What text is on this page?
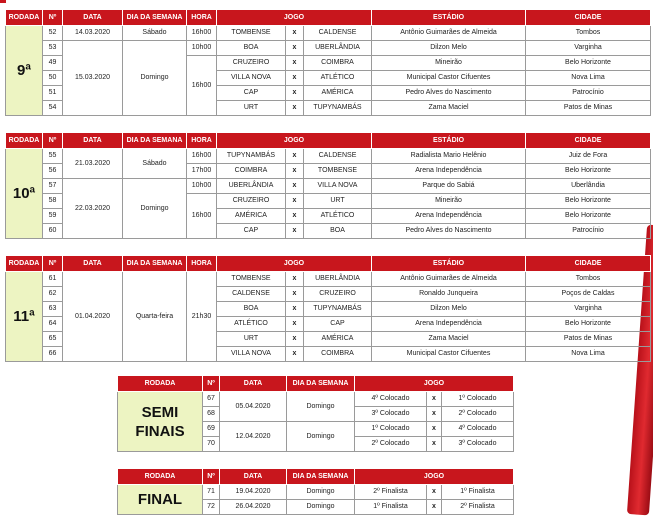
RODADA	Nº	DATA	DIA DA SEMANA	HORA	JOGO			ESTÁDIO	CIDADE
9ª	52	14.03.2020	Sábado	16h00	TOMBENSE	x	CALDENSE	Antônio Guimarães de Almeida	Tombos
	53	15.03.2020	Domingo	10h00	BOA	x	UBERLÂNDIA	Dilzon Melo	Varginha
	49			16h00	CRUZEIRO	x	COIMBRA	Mineirão	Belo Horizonte
	50				VILLA NOVA	x	ATLÉTICO	Municipal Castor Cifuentes	Nova Lima
	51				CAP	x	AMÉRICA	Pedro Alves do Nascimento	Patrocínio
	54				URT	x	TUPYNAMBÁS	Zama Maciel	Patos de Minas
RODADA	Nº	DATA	DIA DA SEMANA	HORA	JOGO			ESTÁDIO	CIDADE
10ª	55	21.03.2020	Sábado	16h00	TUPYNAMBÁS	x	CALDENSE	Radialista Mario Helênio	Juiz de Fora
	56			17h00	COIMBRA	x	TOMBENSE	Arena Independência	Belo Horizonte
	57	22.03.2020	Domingo	10h00	UBERLÂNDIA	x	VILLA NOVA	Parque do Sabiá	Uberlândia
	58			16h00	CRUZEIRO	x	URT	Mineirão	Belo Horizonte
	59				AMÉRICA	x	ATLÉTICO	Arena Independência	Belo Horizonte
	60				CAP	x	BOA	Pedro Alves do Nascimento	Patrocínio
RODADA	Nº	DATA	DIA DA SEMANA	HORA	JOGO			ESTÁDIO	CIDADE
11ª	61	01.04.2020	Quarta-feira	21h30	TOMBENSE	x	UBERLÂNDIA	Antônio Guimarães de Almeida	Tombos
	62				CALDENSE	x	CRUZEIRO	Ronaldo Junqueira	Poços de Caldas
	63				BOA	x	TUPYNAMBÁS	Dilzon Melo	Varginha
	64				ATLÉTICO	x	CAP	Arena Independência	Belo Horizonte
	65				URT	x	AMÉRICA	Zama Maciel	Patos de Minas
	66				VILLA NOVA	x	COIMBRA	Municipal Castor Cifuentes	Nova Lima
RODADA	Nº	DATA	DIA DA SEMANA	JOGO		
SEMI FINAIS	67	05.04.2020	Domingo	4º Colocado	x	1º Colocado
	68			3º Colocado	x	2º Colocado
	69	12.04.2020	Domingo	1º Colocado	x	4º Colocado
	70			2º Colocado	x	3º Colocado
RODADA	Nº	DATA	DIA DA SEMANA	JOGO		
FINAL	71	19.04.2020	Domingo	2º Finalista	x	1º Finalista
	72	26.04.2020	Domingo	1º Finalista	x	2º Finalista
